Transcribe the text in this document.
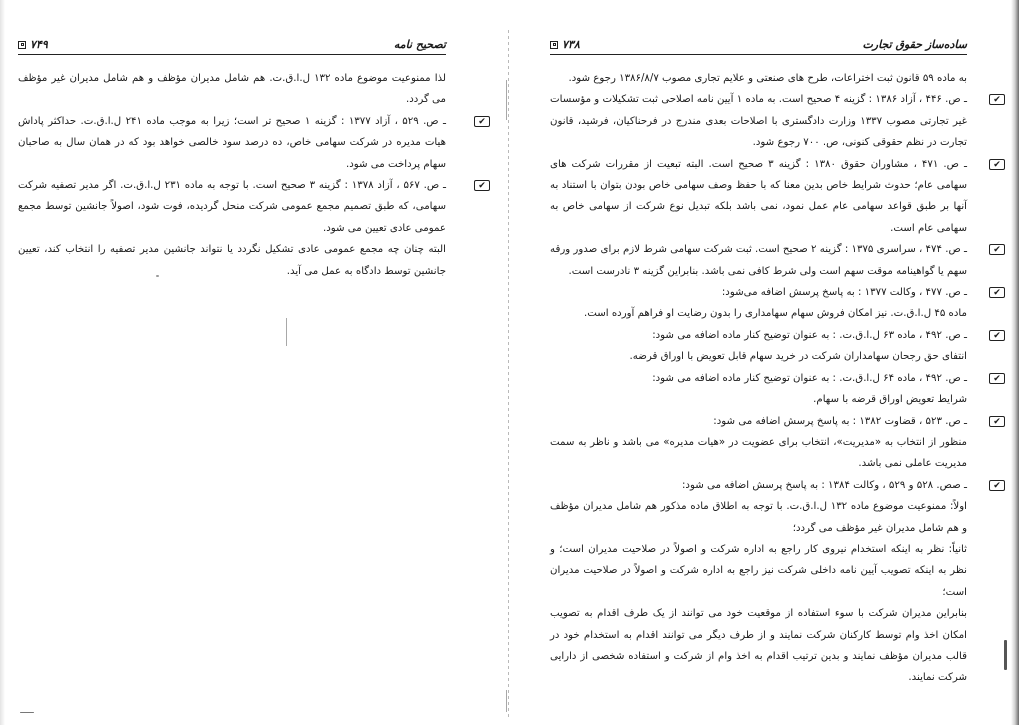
تصحیح نامه
۷۴۹

لذا ممنوعیت موضوع ماده ۱۳۲ ل.ا.ق.ت. هم شامل مدیران مؤظف و هم شامل مدیران غیر مؤظف می گردد.

✔

ـ ص. ۵۲۹ ، آزاد ۱۳۷۷ : گزینه ۱ صحیح تر است؛ زیرا به موجب ماده ۲۴۱ ل.ا.ق.ت. حداکثر پاداش هیات مدیره در شرکت سهامی خاص، ده درصد سود خالصی خواهد بود که در همان سال به صاحبان سهام پرداخت می شود.

✔

ـ ص. ۵۶۷ ، آزاد ۱۳۷۸ : گزینه ۳ صحیح است. با توجه به ماده ۲۳۱ ل.ا.ق.ت. اگر مدیر تصفیه شرکت سهامی، که طبق تصمیم مجمع عمومی شرکت منحل گردیده، فوت شود، اصولاً جانشین توسط مجمع عمومی عادی تعیین می شود.

البته چنان چه مجمع عمومی عادی تشکیل نگردد یا نتواند جانشین مدیر تصفیه را انتخاب کند، تعیین جانشین توسط دادگاه به عمل می آید.

ساده‌ساز حقوق تجارت
۷۳۸

به ماده ۵۹ قانون ثبت اختراعات، طرح های صنعتی و علایم تجاری مصوب ۱۳۸۶/۸/۷ رجوع شود.

✔

ـ ص. ۴۴۶ ، آزاد ۱۳۸۶ : گزینه ۴ صحیح است. به ماده ۱ آیین نامه اصلاحی ثبت تشکیلات و مؤسسات غیر تجارتی مصوب ۱۳۳۷ وزارت دادگستری با اصلاحات بعدی مندرج در فرحناکیان، فرشید، قانون تجارت در نظم حقوقی کنونی، ص. ۷۰۰ رجوع شود.

✔

ـ ص. ۴۷۱ ، مشاوران حقوق ۱۳۸۰ : گزینه ۳ صحیح است. البته تبعیت از مقررات شرکت های سهامی عام؛ حدوث شرایط خاص بدین معنا که با حفظ وصف سهامی خاص بودن بتوان با استناد به آنها بر طبق قواعد سهامی عام عمل نمود، نمی باشد بلکه تبدیل نوع شرکت از سهامی خاص به سهامی عام است.

✔

ـ ص. ۴۷۴ ، سراسری ۱۳۷۵ : گزینه ۲ صحیح است. ثبت شرکت سهامی شرط لازم برای صدور ورقه سهم یا گواهینامه موقت سهم است ولی شرط کافی نمی باشد. بنابراین گزینه ۳ نادرست است.

✔

ـ ص. ۴۷۷ ، وکالت ۱۳۷۷ : به پاسخ پرسش اضافه می‌شود:

ماده ۴۵ ل.ا.ق.ت. نیز امکان فروش سهام سهامداری را بدون رضایت او فراهم آورده است.

✔

ـ ص. ۴۹۲ ، ماده ۶۳ ل.ا.ق.ت. : به عنوان توضیح کنار ماده اضافه می شود:

انتفای حق رجحان سهامداران شرکت در خرید سهام قابل تعویض با اوراق قرضه.

✔

ـ ص. ۴۹۲ ، ماده ۶۴ ل.ا.ق.ت. : به عنوان توضیح کنار ماده اضافه می شود:

شرایط تعویض اوراق قرضه با سهام.

✔

ـ ص. ۵۲۳ ، قضاوت ۱۳۸۲ : به پاسخ پرسش اضافه می شود:

منظور از انتخاب به «مدیریت»، انتخاب برای عضویت در «هیات مدیره» می باشد و ناظر به سمت مدیریت عاملی نمی باشد.

✔

ـ صص. ۵۲۸ و ۵۲۹ ، وکالت ۱۳۸۴ : به پاسخ پرسش اضافه می شود:

اولاً: ممنوعیت موضوع ماده ۱۳۲ ل.ا.ق.ت. با توجه به اطلاق ماده مذکور هم شامل مدیران مؤظف و هم شامل مدیران غیر مؤظف می گردد؛

ثانیاً: نظر به اینکه استخدام نیروی کار راجع به اداره شرکت و اصولاً در صلاحیت مدیران است؛ و نظر به اینکه تصویب آیین نامه داخلی شرکت نیز راجع به اداره شرکت و اصولاً در صلاحیت مدیران است؛

بنابراین مدیران شرکت با سوء استفاده از موقعیت خود می توانند از یک طرف اقدام به تصویب امکان اخذ وام توسط کارکنان شرکت نمایند و از طرف دیگر می توانند اقدام به استخدام خود در قالب مدیران مؤظف نمایند و بدین ترتیب اقدام به اخذ وام از شرکت و استفاده شخصی از دارایی شرکت نمایند.
